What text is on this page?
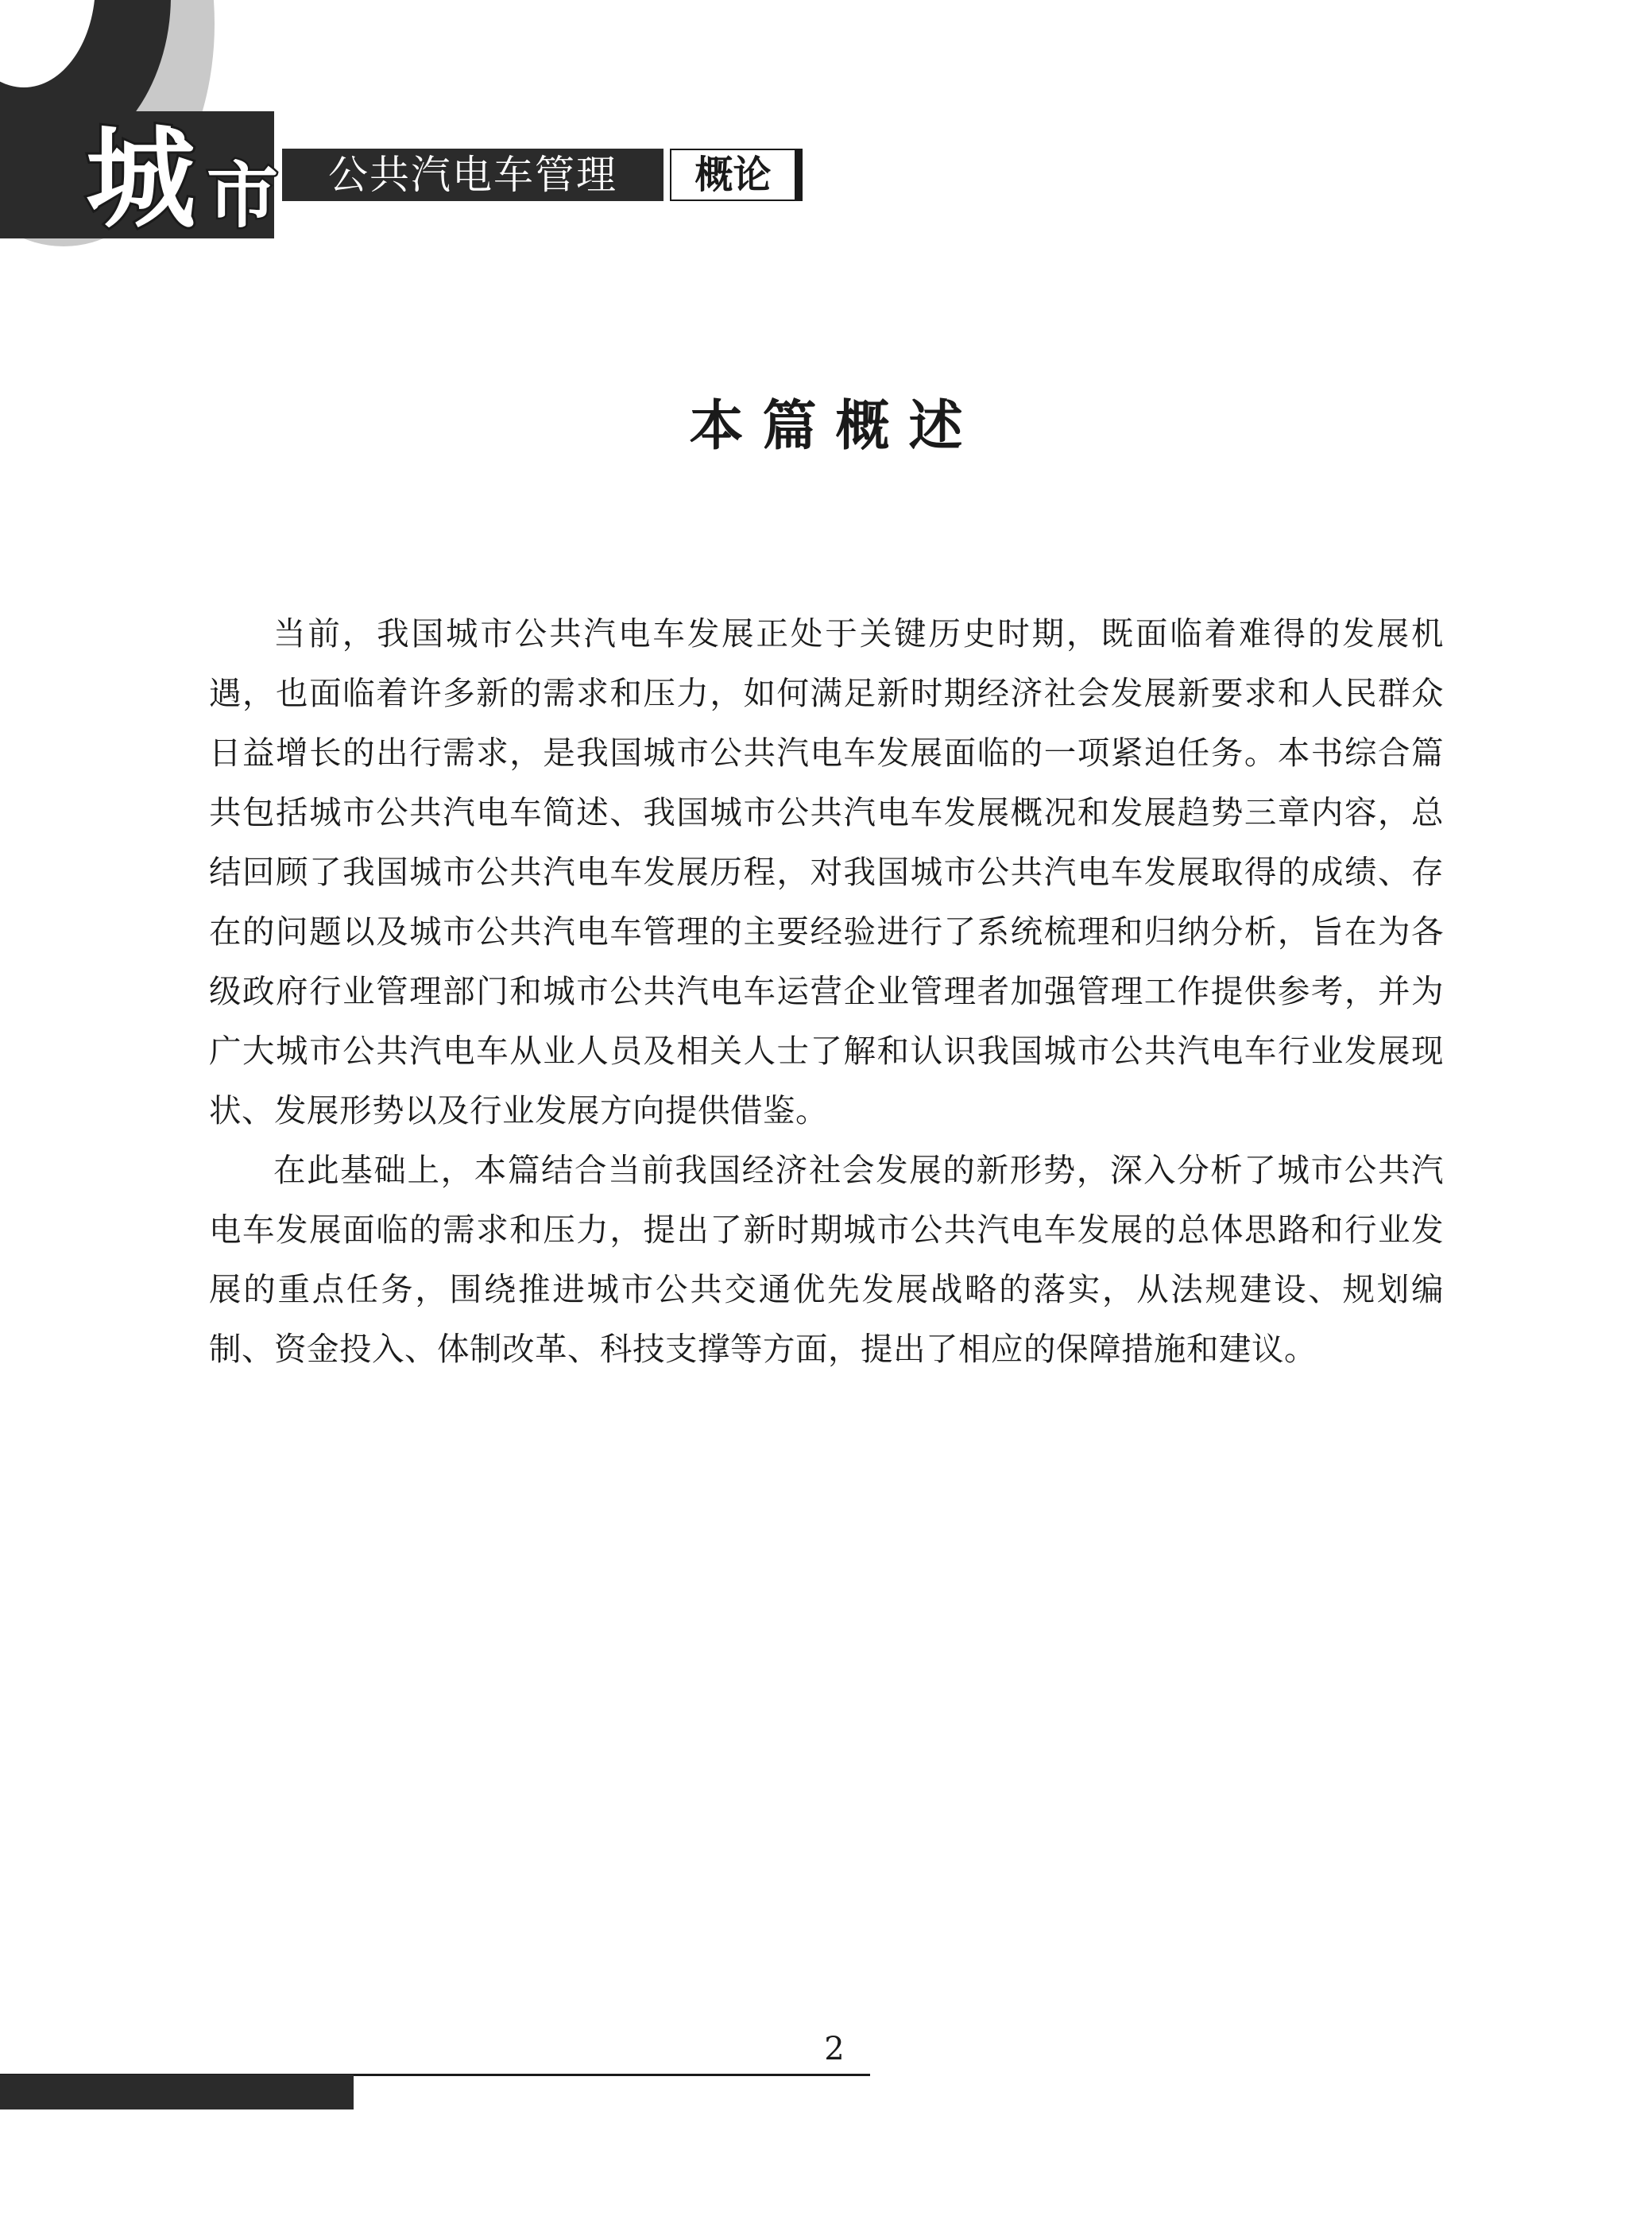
城 市	公共汽电车管理	概论
本篇概述

当前，我国城市公共汽电车发展正处于关键历史时期，既面临着难得的发展机遇，也面临着许多新的需求和压力，如何满足新时期经济社会发展新要求和人民群众日益增长的出行需求，是我国城市公共汽电车发展面临的一项紧迫任务。本书综合篇共包括城市公共汽电车简述、我国城市公共汽电车发展概况和发展趋势三章内容，总结回顾了我国城市公共汽电车发展历程，对我国城市公共汽电车发展取得的成绩、存在的问题以及城市公共汽电车管理的主要经验进行了系统梳理和归纳分析，旨在为各级政府行业管理部门和城市公共汽电车运营企业管理者加强管理工作提供参考，并为广大城市公共汽电车从业人员及相关人士了解和认识我国城市公共汽电车行业发展现状、发展形势以及行业发展方向提供借鉴。

在此基础上，本篇结合当前我国经济社会发展的新形势，深入分析了城市公共汽电车发展面临的需求和压力，提出了新时期城市公共汽电车发展的总体思路和行业发展的重点任务，围绕推进城市公共交通优先发展战略的落实，从法规建设、规划编制、资金投入、体制改革、科技支撑等方面，提出了相应的保障措施和建议。

2
